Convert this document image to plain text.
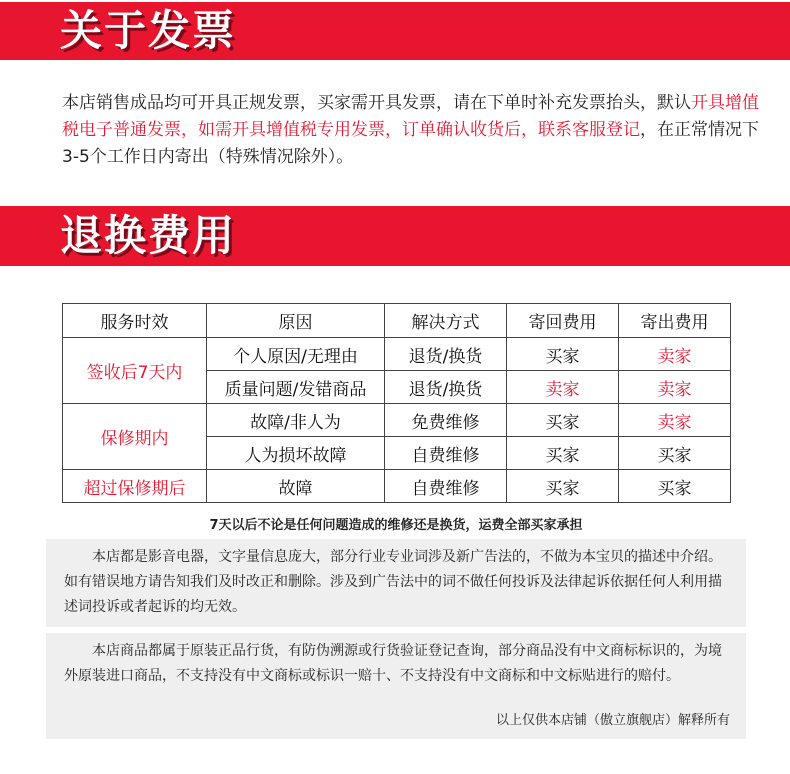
关于发票
本店销售成品均可开具正规发票，买家需开具发票，请在下单时补充发票抬头，默认开具增值税电子普通发票，如需开具增值税专用发票，订单确认收货后，联系客服登记，在正常情况下3-5个工作日内寄出（特殊情况除外）。
退换费用
服务时效	原因	解决方式	寄回费用	寄出费用
签收后7天内	个人原因/无理由	退货/换货	买家	卖家
	质量问题/发错商品	退货/换货	卖家	卖家
保修期内	故障/非人为	免费维修	买家	卖家
	人为损坏故障	自费维修	买家	买家
超过保修期后	故障	自费维修	买家	买家
7天以后不论是任何问题造成的维修还是换货，运费全部买家承担

本店都是影音电器，文字量信息庞大，部分行业专业词涉及新广告法的，不做为本宝贝的描述中介绍。如有错误地方请告知我们及时改正和删除。涉及到广告法中的词不做任何投诉及法律起诉依据任何人利用描述词投诉或者起诉的均无效。

本店商品都属于原装正品行货，有防伪溯源或行货验证登记查询，部分商品没有中文商标标识的，为境外原装进口商品，不支持没有中文商标或标识一赔十、不支持没有中文商标和中文标贴进行的赔付。

以上仅供本店铺（傲立旗舰店）解释所有
